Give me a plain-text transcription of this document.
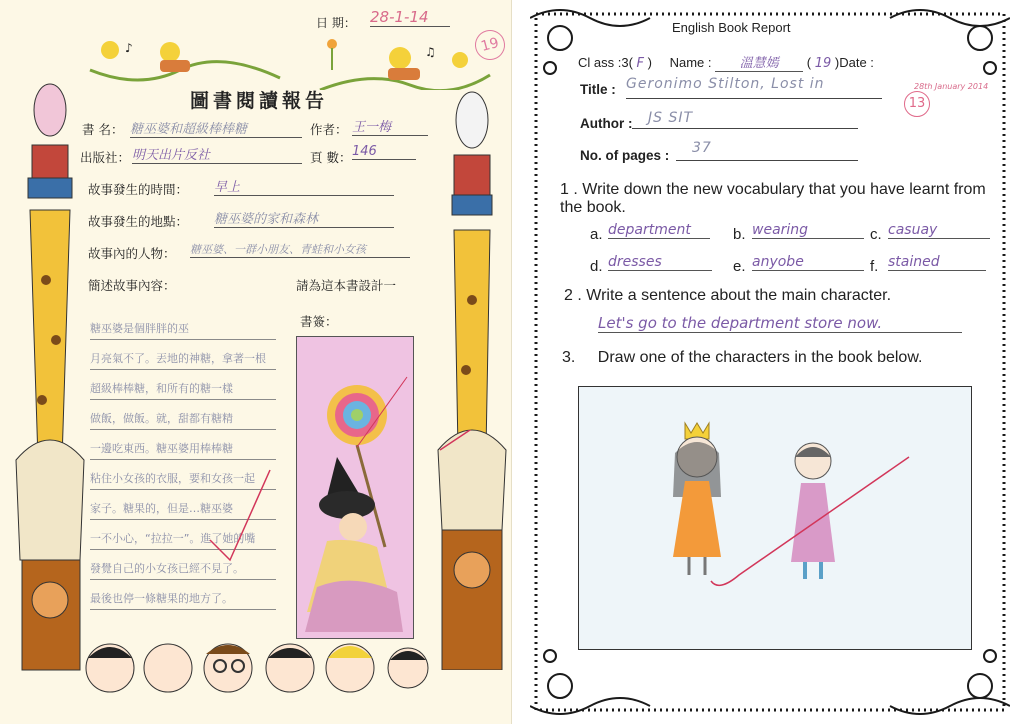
♪	♫
日 期： 28-1-14
19
圖書閱讀報告
書 名： 糖巫婆和超級棒棒糖	作者： 王一梅
出版社： 明天出片反社	頁 數： 146
故事發生的時間： 早上
故事發生的地點： 糖巫婆的家和森林
故事內的人物： 糖巫婆、一群小朋友、青蛙和小女孩
簡述故事內容：	請為這本書設計一
糖巫婆是個胖胖的巫
月亮氣不了。丟地的神糖，拿著一根
超級棒棒糖，和所有的糖一樣
做飯，做飯。就，甜都有糖精
一邊吃東西。糖巫婆用棒棒糖
粘住小女孩的衣服，要和女孩一起
家子。糖果的，但是…糖巫婆
一不小心，“拉拉一”。進了她的嘴
發覺自己的小女孩已經不見了。
最後也停一條糖果的地方了。
書簽：
English Book Report
Cl ass :3( F ) Name : 溫慧嫣 ( 19 )Date :
28th January 2014
13
Title : Geronimo Stilton, Lost in
Author : JS SIT
No. of pages : 37
1 . Write down the new vocabulary that you have learnt from the book.
a. department	b. wearing	c. casuay
d. dresses	e. anyobe	f. stained
2 . Write a sentence about the main character.
Let's go to the department store now.
3. Draw one of the characters in the book below.
